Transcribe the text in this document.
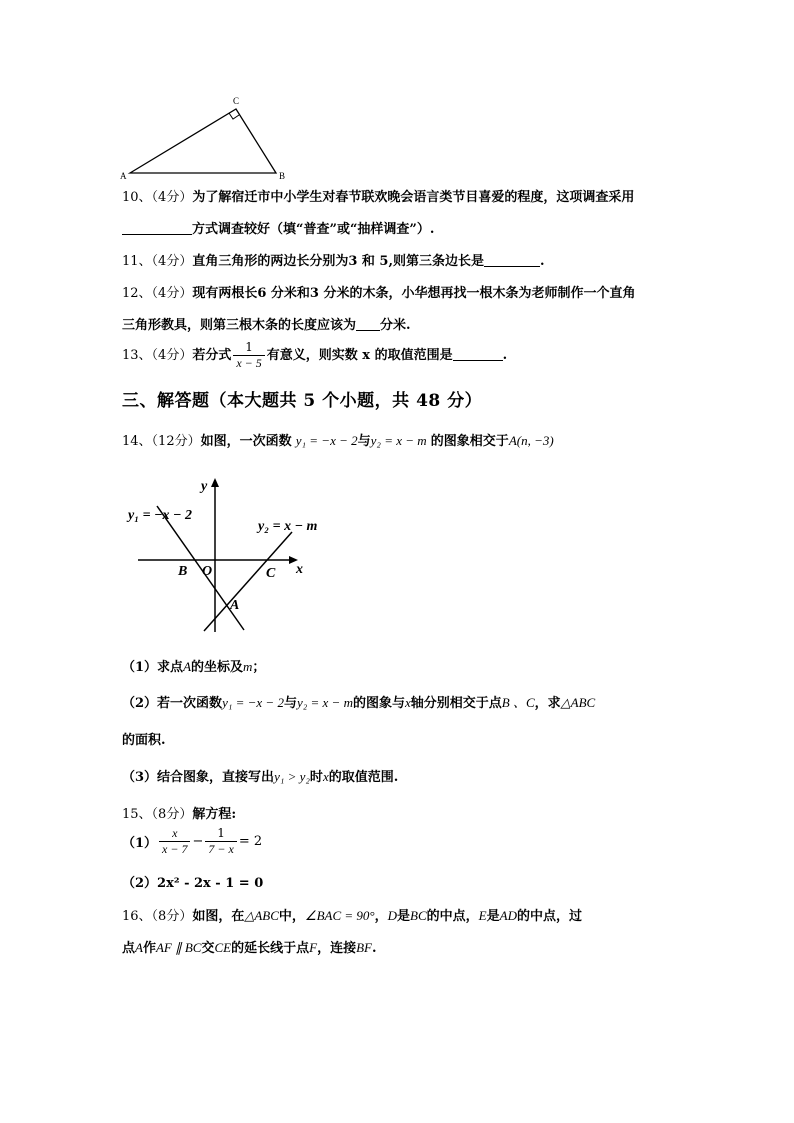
C
A	B
10、（4分）为了解宿迁市中小学生对春节联欢晚会语言类节目喜爱的程度，这项调查采用
方式调查较好（填“普查”或“抽样调查”）.
11、（4分）直角三角形的两边长分别为3 和 5,则第三条边长是	.
12、（4分）现有两根长6 分米和3 分米的木条，小华想再找一根木条为老师制作一个直角
三角形教具，则第三根木条的长度应该为 分米.
13、（4分）若分式 $\frac{1}{x - 5}$ 有意义，则实数 x 的取值范围是	.
三、解答题（本大题共 5 个小题，共 48 分）
14、（12分）如图，一次函数 y₁ = −x − 2与y₂ = x − m 的图象相交于A(n, −3)
y
x
y₁ = −x − 2
y₂ = x − m
B O	C
A
（1）求点A的坐标及m；
（2）若一次函数y₁ = −x − 2与y₂ = x − m的图象与x轴分别相交于点B 、C，求△ABC
的面积.
（3）结合图象，直接写出y₁ > y₂时x的取值范围.
15、（8分）解方程:
$(1) \frac{x}{x - 7} - \frac{1}{7 - x} = 2$
（2）2x² - 2x - 1 = 0
16、（8分）如图，在△ABC中，∠BAC = 90°，D是BC的中点，E是AD的中点，过
点A作AF ∥ BC交CE的延长线于点F，连接BF.
